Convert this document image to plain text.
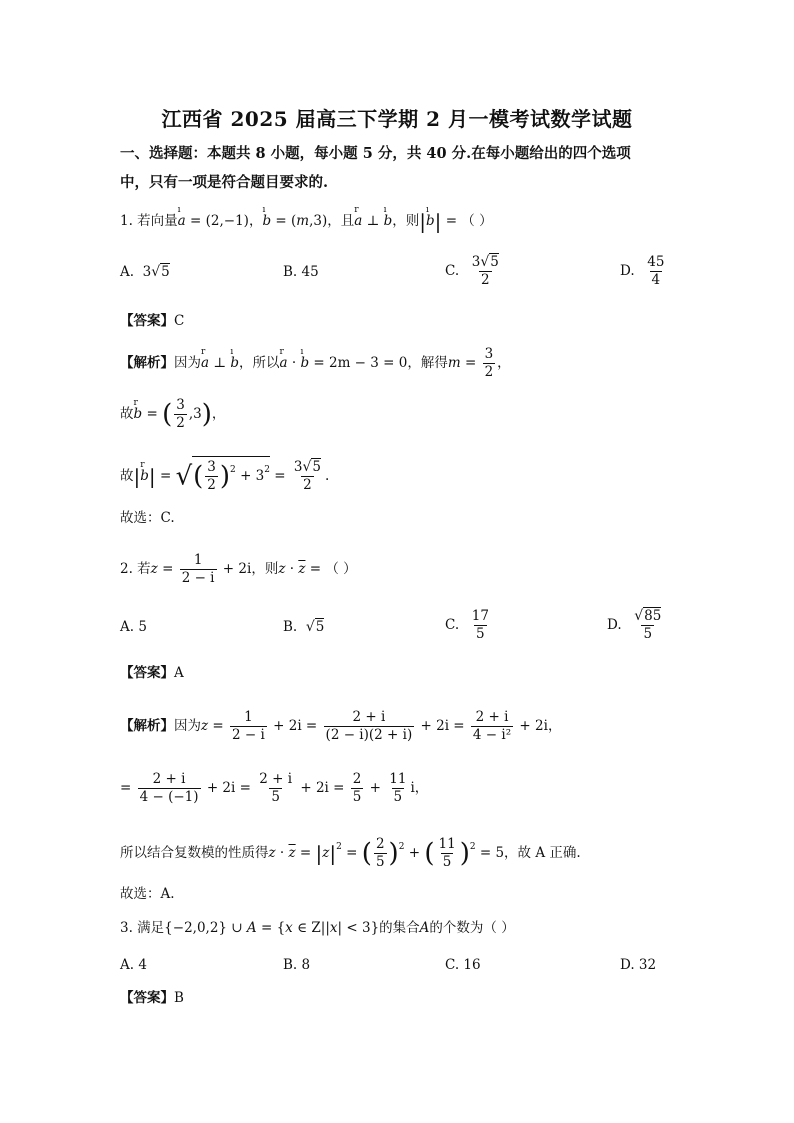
江西省 2025 届高三下学期 2 月一模考试数学试题
一、选择题：本题共 8 小题，每小题 5 分，共 40 分.在每小题给出的四个选项
中，只有一项是符合题目要求的.
1. 若向量ı a = (2,−1)，ı b = (m,3)，且r a ⊥ ı b，则|ı b| = （ ）
A. 3√5	B. 45	C. $\frac{3√5}{2}$	D. $\frac{45}{4}$
【答案】C
【解析】因为r a ⊥ ı b，所以r a · ı b = 2m − 3 = 0，解得$m = \frac{3}{2}$ ，
故r b = ( $\frac{3}{2} ,3$)，
故|r b| = √( $\frac{3}{2} )^2 + 3^2 = \frac{3√5}{2}$ .
故选：C.
2. 若$z = \frac{1}{2 - i} + 2i$，则$z \cdot \overline{z}$ = （ ）
A. 5	B. √5	C. $\frac{17}{5}$	D. $\frac{√85}{5}$
【答案】A
【解析】因为$z = \frac{1}{2 - i} + 2i = \frac{2 + i}{(2 - i)(2 + i)} + 2i = \frac{2 + i}{\text{4 − i²}} + 2i$，
= $\frac{2 + i}{4 - (-1)} + 2i = \frac{2 + i}{5} + 2i = \frac{2}{5} + \frac{11}{5}$ i，
所以结合复数模的性质得$z \cdot \overline{z} = |z|^2$ = ( $\frac{2}{5} )^2$ + ( $\frac{11}{5} )^2 = 5$，故 A 正确.
故选：A.
3. 满足{−2,0,2} ∪ A = {x ∈ Z||x| < 3}的集合A的个数为（ ）
A. 4	B. 8	C. 16	D. 32
【答案】B
